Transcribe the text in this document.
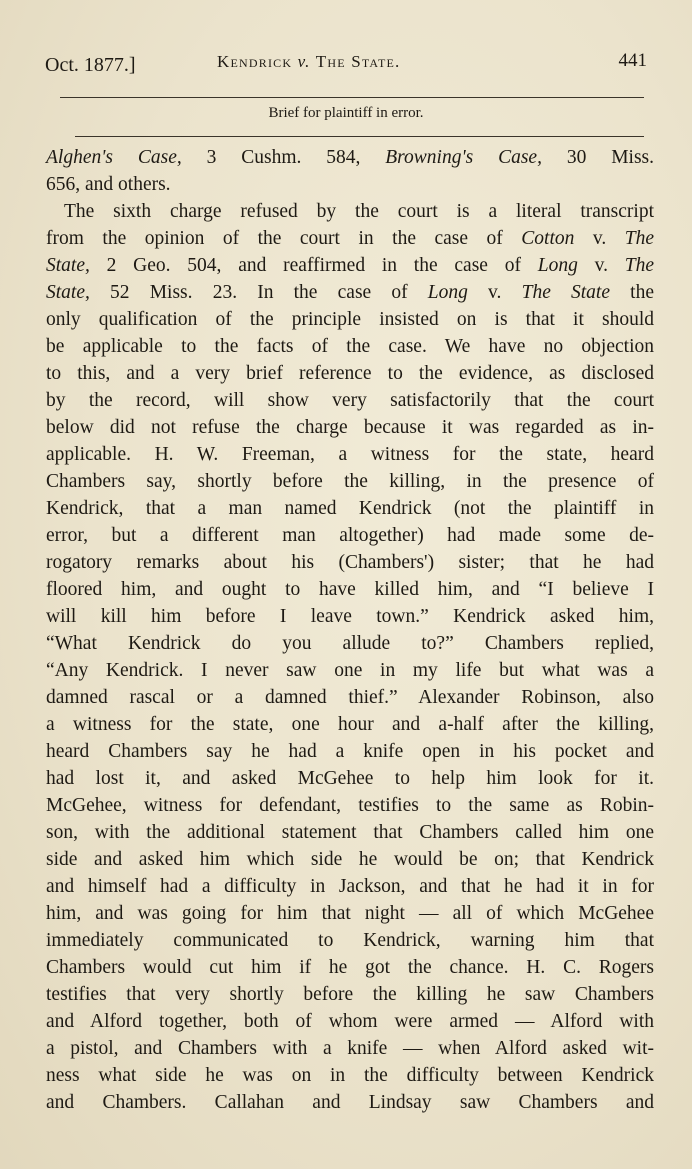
Oct. 1877.]	Kendrick v. The State.	441
Brief for plaintiff in error.
Alghen's Case, 3 Cushm. 584, Browning's Case, 30 Miss.
656, and others.
The sixth charge refused by the court is a literal transcript
from the opinion of the court in the case of Cotton v. The
State, 2 Geo. 504, and reaffirmed in the case of Long v. The
State, 52 Miss. 23. In the case of Long v. The State the
only qualification of the principle insisted on is that it should
be applicable to the facts of the case. We have no objection
to this, and a very brief reference to the evidence, as disclosed
by the record, will show very satisfactorily that the court
below did not refuse the charge because it was regarded as in-
applicable. H. W. Freeman, a witness for the state, heard
Chambers say, shortly before the killing, in the presence of
Kendrick, that a man named Kendrick (not the plaintiff in
error, but a different man altogether) had made some de-
rogatory remarks about his (Chambers') sister; that he had
floored him, and ought to have killed him, and “I believe I
will kill him before I leave town.” Kendrick asked him,
“What Kendrick do you allude to?” Chambers replied,
“Any Kendrick. I never saw one in my life but what was a
damned rascal or a damned thief.” Alexander Robinson, also
a witness for the state, one hour and a-half after the killing,
heard Chambers say he had a knife open in his pocket and
had lost it, and asked McGehee to help him look for it.
McGehee, witness for defendant, testifies to the same as Robin-
son, with the additional statement that Chambers called him one
side and asked him which side he would be on; that Kendrick
and himself had a difficulty in Jackson, and that he had it in for
him, and was going for him that night — all of which McGehee
immediately communicated to Kendrick, warning him that
Chambers would cut him if he got the chance. H. C. Rogers
testifies that very shortly before the killing he saw Chambers
and Alford together, both of whom were armed — Alford with
a pistol, and Chambers with a knife — when Alford asked wit-
ness what side he was on in the difficulty between Kendrick
and Chambers. Callahan and Lindsay saw Chambers and
